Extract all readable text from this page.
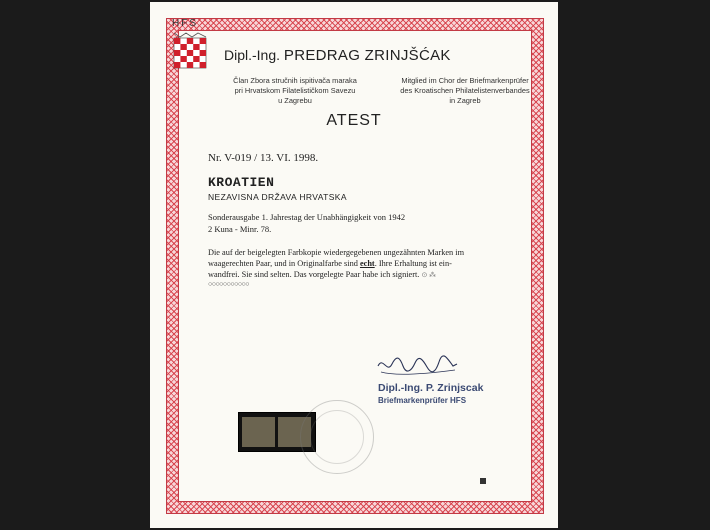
HFS
Dipl.-Ing. PREDRAG ZRINJŠĆAK
Član Zbora stručnih ispitivača maraka
pri Hrvatskom Filatelističkom Savezu
u Zagrebu
Mitglied im Chor der Briefmarkenprüfer
des Kroatischen Philatelistenverbandes
in Zagreb
ATEST
Nr. V-019 / 13. VI. 1998.
KROATIEN
NEZAVISNA DRŽAVA HRVATSKA
Sonderausgabe 1. Jahrestag der Unabhängigkeit von 1942
2 Kuna - Minr. 78.
Die auf der beigelegten Farbkopie wiedergegebenen ungezähnten Marken im
waagerechten Paar, und in Originalfarbe sind echt. Ihre Erhaltung ist ein-
wandfrei. Sie sind selten. Das vorgelegte Paar habe ich signiert. ⊙ ⁂
○○○○○○○○○○○
Dipl.-Ing. P. Zrinjscak
Briefmarkenprüfer HFS
